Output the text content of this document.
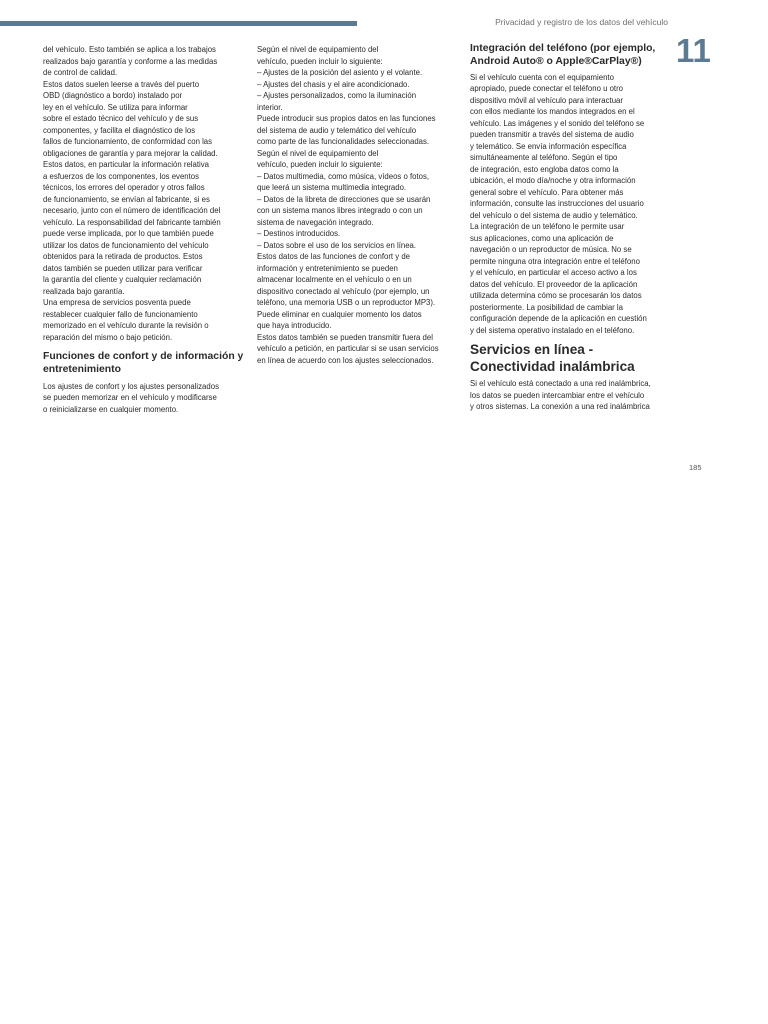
Privacidad y registro de los datos del vehículo
11

del vehículo. Esto también se aplica a los trabajos

realizados bajo garantía y conforme a las medidas

de control de calidad.

Estos datos suelen leerse a través del puerto

OBD (diagnóstico a bordo) instalado por

ley en el vehículo. Se utiliza para informar

sobre el estado técnico del vehículo y de sus

componentes, y facilita el diagnóstico de los

fallos de funcionamiento, de conformidad con las

obligaciones de garantía y para mejorar la calidad.

Estos datos, en particular la información relativa

a esfuerzos de los componentes, los eventos

técnicos, los errores del operador y otros fallos

de funcionamiento, se envían al fabricante, si es

necesario, junto con el número de identificación del

vehículo. La responsabilidad del fabricante también

puede verse implicada, por lo que también puede

utilizar los datos de funcionamiento del vehículo

obtenidos para la retirada de productos. Estos

datos también se pueden utilizar para verificar

la garantía del cliente y cualquier reclamación

realizada bajo garantía.

Una empresa de servicios posventa puede

restablecer cualquier fallo de funcionamiento

memorizado en el vehículo durante la revisión o

reparación del mismo o bajo petición.

Funciones de confort y de información y entretenimiento

Los ajustes de confort y los ajustes personalizados

se pueden memorizar en el vehículo y modificarse

o reinicializarse en cualquier momento.

Según el nivel de equipamiento del

vehículo, pueden incluir lo siguiente:

– Ajustes de la posición del asiento y el volante.

– Ajustes del chasis y el aire acondicionado.

– Ajustes personalizados, como la iluminación

interior.

Puede introducir sus propios datos en las funciones

del sistema de audio y telemático del vehículo

como parte de las funcionalidades seleccionadas.

Según el nivel de equipamiento del

vehículo, pueden incluir lo siguiente:

– Datos multimedia, como música, vídeos o fotos,

que leerá un sistema multimedia integrado.

– Datos de la libreta de direcciones que se usarán

con un sistema manos libres integrado o con un

sistema de navegación integrado.

– Destinos introducidos.

– Datos sobre el uso de los servicios en línea.

Estos datos de las funciones de confort y de

información y entretenimiento se pueden

almacenar localmente en el vehículo o en un

dispositivo conectado al vehículo (por ejemplo, un

teléfono, una memoria USB o un reproductor MP3).

Puede eliminar en cualquier momento los datos

que haya introducido.

Estos datos también se pueden transmitir fuera del

vehículo a petición, en particular si se usan servicios

en línea de acuerdo con los ajustes seleccionados.

Integración del teléfono (por ejemplo, Android Auto® o Apple®CarPlay®)

Si el vehículo cuenta con el equipamiento

apropiado, puede conectar el teléfono u otro

dispositivo móvil al vehículo para interactuar

con ellos mediante los mandos integrados en el

vehículo. Las imágenes y el sonido del teléfono se

pueden transmitir a través del sistema de audio

y telemático. Se envía información específica

simultáneamente al teléfono. Según el tipo

de integración, esto engloba datos como la

ubicación, el modo día/noche y otra información

general sobre el vehículo. Para obtener más

información, consulte las instrucciones del usuario

del vehículo o del sistema de audio y telemático.

La integración de un teléfono le permite usar

sus aplicaciones, como una aplicación de

navegación o un reproductor de música. No se

permite ninguna otra integración entre el teléfono

y el vehículo, en particular el acceso activo a los

datos del vehículo. El proveedor de la aplicación

utilizada determina cómo se procesarán los datos

posteriormente. La posibilidad de cambiar la

configuración depende de la aplicación en cuestión

y del sistema operativo instalado en el teléfono.

Servicios en línea - Conectividad inalámbrica

Si el vehículo está conectado a una red inalámbrica,

los datos se pueden intercambiar entre el vehículo

y otros sistemas. La conexión a una red inalámbrica

185
